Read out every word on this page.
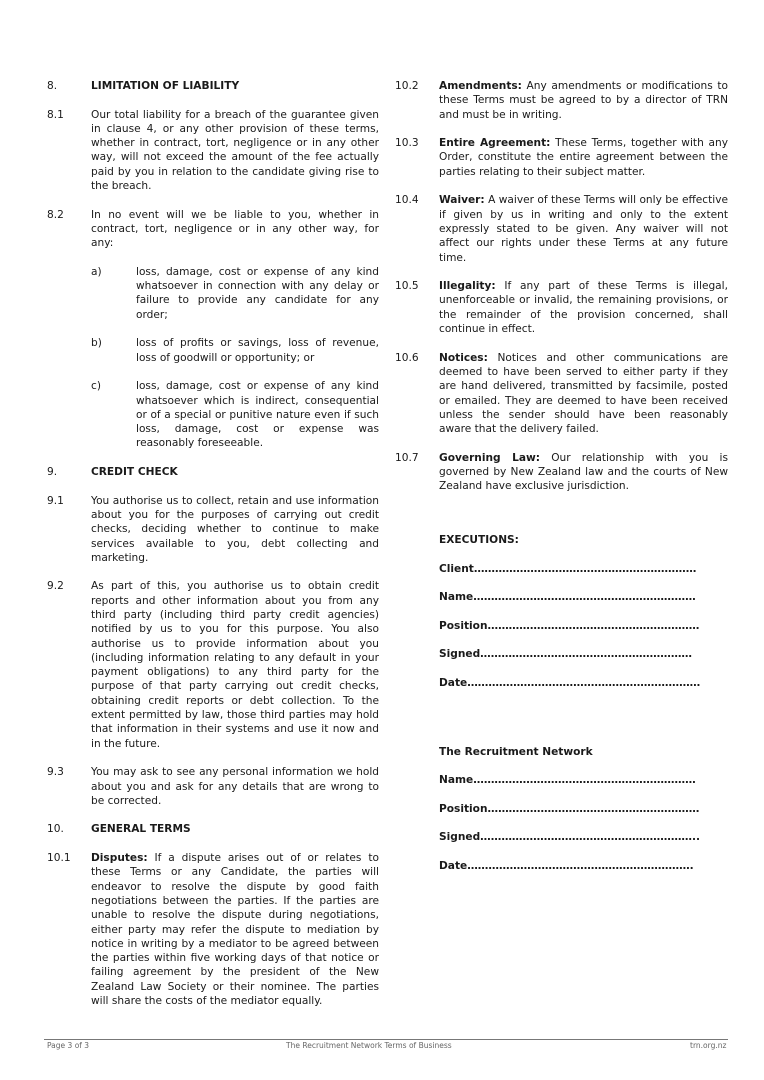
8.	LIMITATION OF LIABILITY
8.1	Our total liability for a breach of the guarantee given in clause 4, or any other provision of these terms, whether in contract, tort, negligence or in any other way, will not exceed the amount of the fee actually paid by you in relation to the candidate giving rise to the breach.
8.2	In no event will we be liable to you, whether in contract, tort, negligence or in any other way, for any:
a)	loss, damage, cost or expense of any kind whatsoever in connection with any delay or failure to provide any candidate for any order;
b)	loss of profits or savings, loss of revenue, loss of goodwill or opportunity; or
c)	loss, damage, cost or expense of any kind whatsoever which is indirect, consequential or of a special or punitive nature even if such loss, damage, cost or expense was reasonably foreseeable.
9.	CREDIT CHECK
9.1	You authorise us to collect, retain and use information about you for the purposes of carrying out credit checks, deciding whether to continue to make services available to you, debt collecting and marketing.
9.2	As part of this, you authorise us to obtain credit reports and other information about you from any third party (including third party credit agencies) notified by us to you for this purpose. You also authorise us to provide information about you (including information relating to any default in your payment obligations) to any third party for the purpose of that party carrying out credit checks, obtaining credit reports or debt collection. To the extent permitted by law, those third parties may hold that information in their systems and use it now and in the future.
9.3	You may ask to see any personal information we hold about you and ask for any details that are wrong to be corrected.
10.	GENERAL TERMS
10.1	Disputes: If a dispute arises out of or relates to these Terms or any Candidate, the parties will endeavor to resolve the dispute by good faith negotiations between the parties. If the parties are unable to resolve the dispute during negotiations, either party may refer the dispute to mediation by notice in writing by a mediator to be agreed between the parties within five working days of that notice or failing agreement by the president of the New Zealand Law Society or their nominee. The parties will share the costs of the mediator equally.
10.2	Amendments: Any amendments or modifications to these Terms must be agreed to by a director of TRN and must be in writing.
10.3	Entire Agreement: These Terms, together with any Order, constitute the entire agreement between the parties relating to their subject matter.
10.4	Waiver: A waiver of these Terms will only be effective if given by us in writing and only to the extent expressly stated to be given. Any waiver will not affect our rights under these Terms at any future time.
10.5	Illegality: If any part of these Terms is illegal, unenforceable or invalid, the remaining provisions, or the remainder of the provision concerned, shall continue in effect.
10.6	Notices: Notices and other communications are deemed to have been served to either party if they are hand delivered, transmitted by facsimile, posted or emailed. They are deemed to have been received unless the sender should have been reasonably aware that the delivery failed.
10.7	Governing Law: Our relationship with you is governed by New Zealand law and the courts of New Zealand have exclusive jurisdiction.
EXECUTIONS:
Client………………………………………………………
Name………………………………………………………
Position……………………………………………………
Signed……………………………………………………
Date…………………………………………………………
The Recruitment Network
Name………………………………………………………
Position……………………………………………………
Signed……………………………………………………..
Date……………………………………………………….
Page 3 of 3	The Recruitment Network Terms of Business	trn.org.nz
